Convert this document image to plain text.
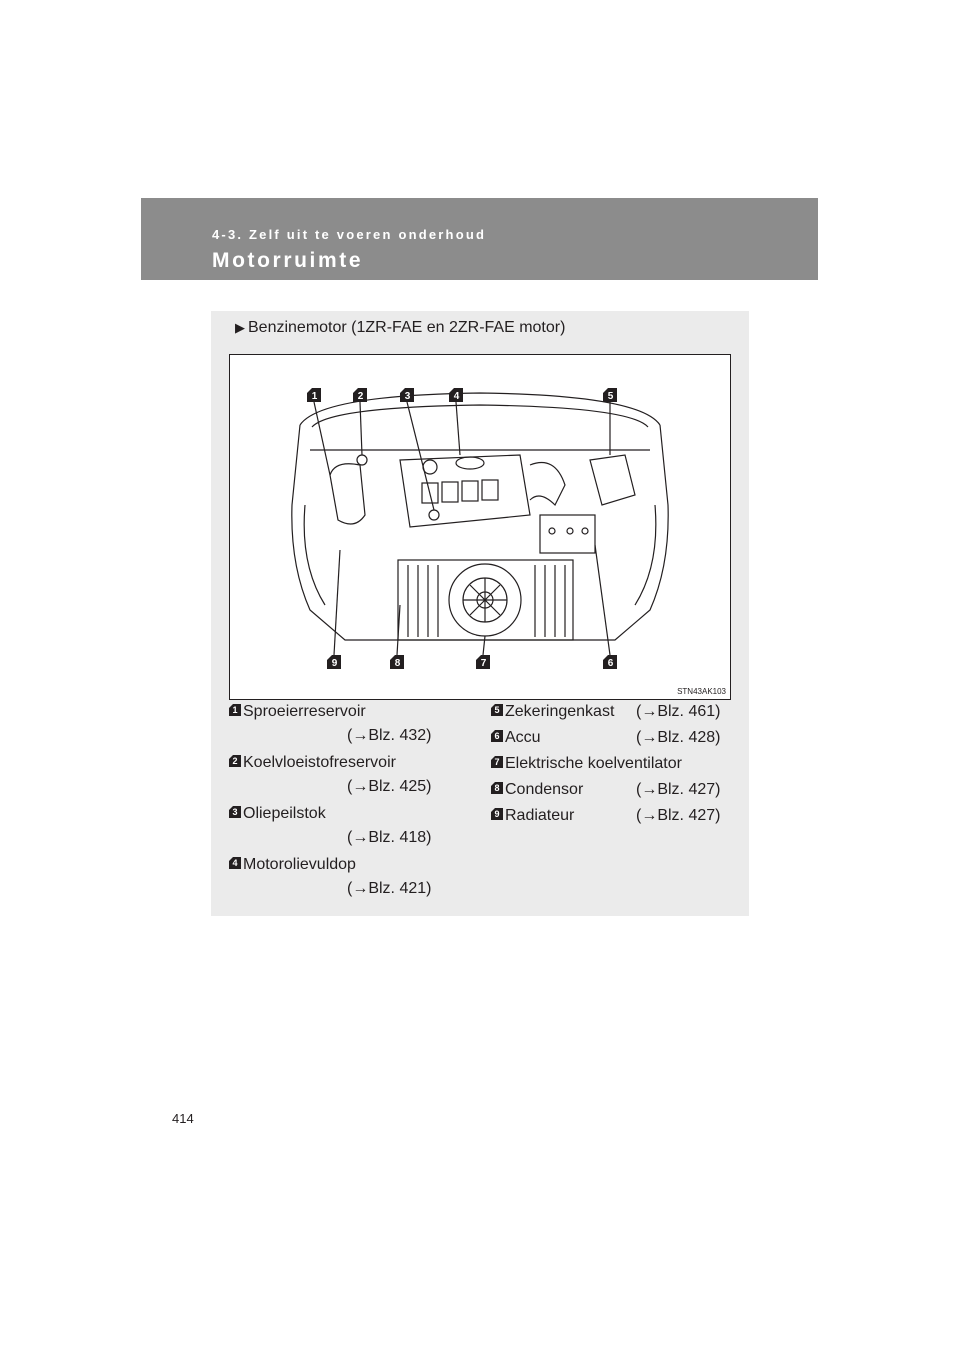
4-3. Zelf uit te voeren onderhoud
Motorruimte
▶ Benzinemotor (1ZR-FAE en 2ZR-FAE motor)
1	2	3	4	5
6
7
8
9
STN43AK103
1 Sproeierreservoir
(→Blz. 432)
2 Koelvloeistofreservoir
(→Blz. 425)
3 Oliepeilstok
(→Blz. 418)
4 Motorolievuldop
(→Blz. 421)
5 Zekeringenkast (→Blz. 461)
6 Accu	(→Blz. 428)
7 Elektrische koelventilator
8 Condensor	(→Blz. 427)
9 Radiateur	(→Blz. 427)
414
